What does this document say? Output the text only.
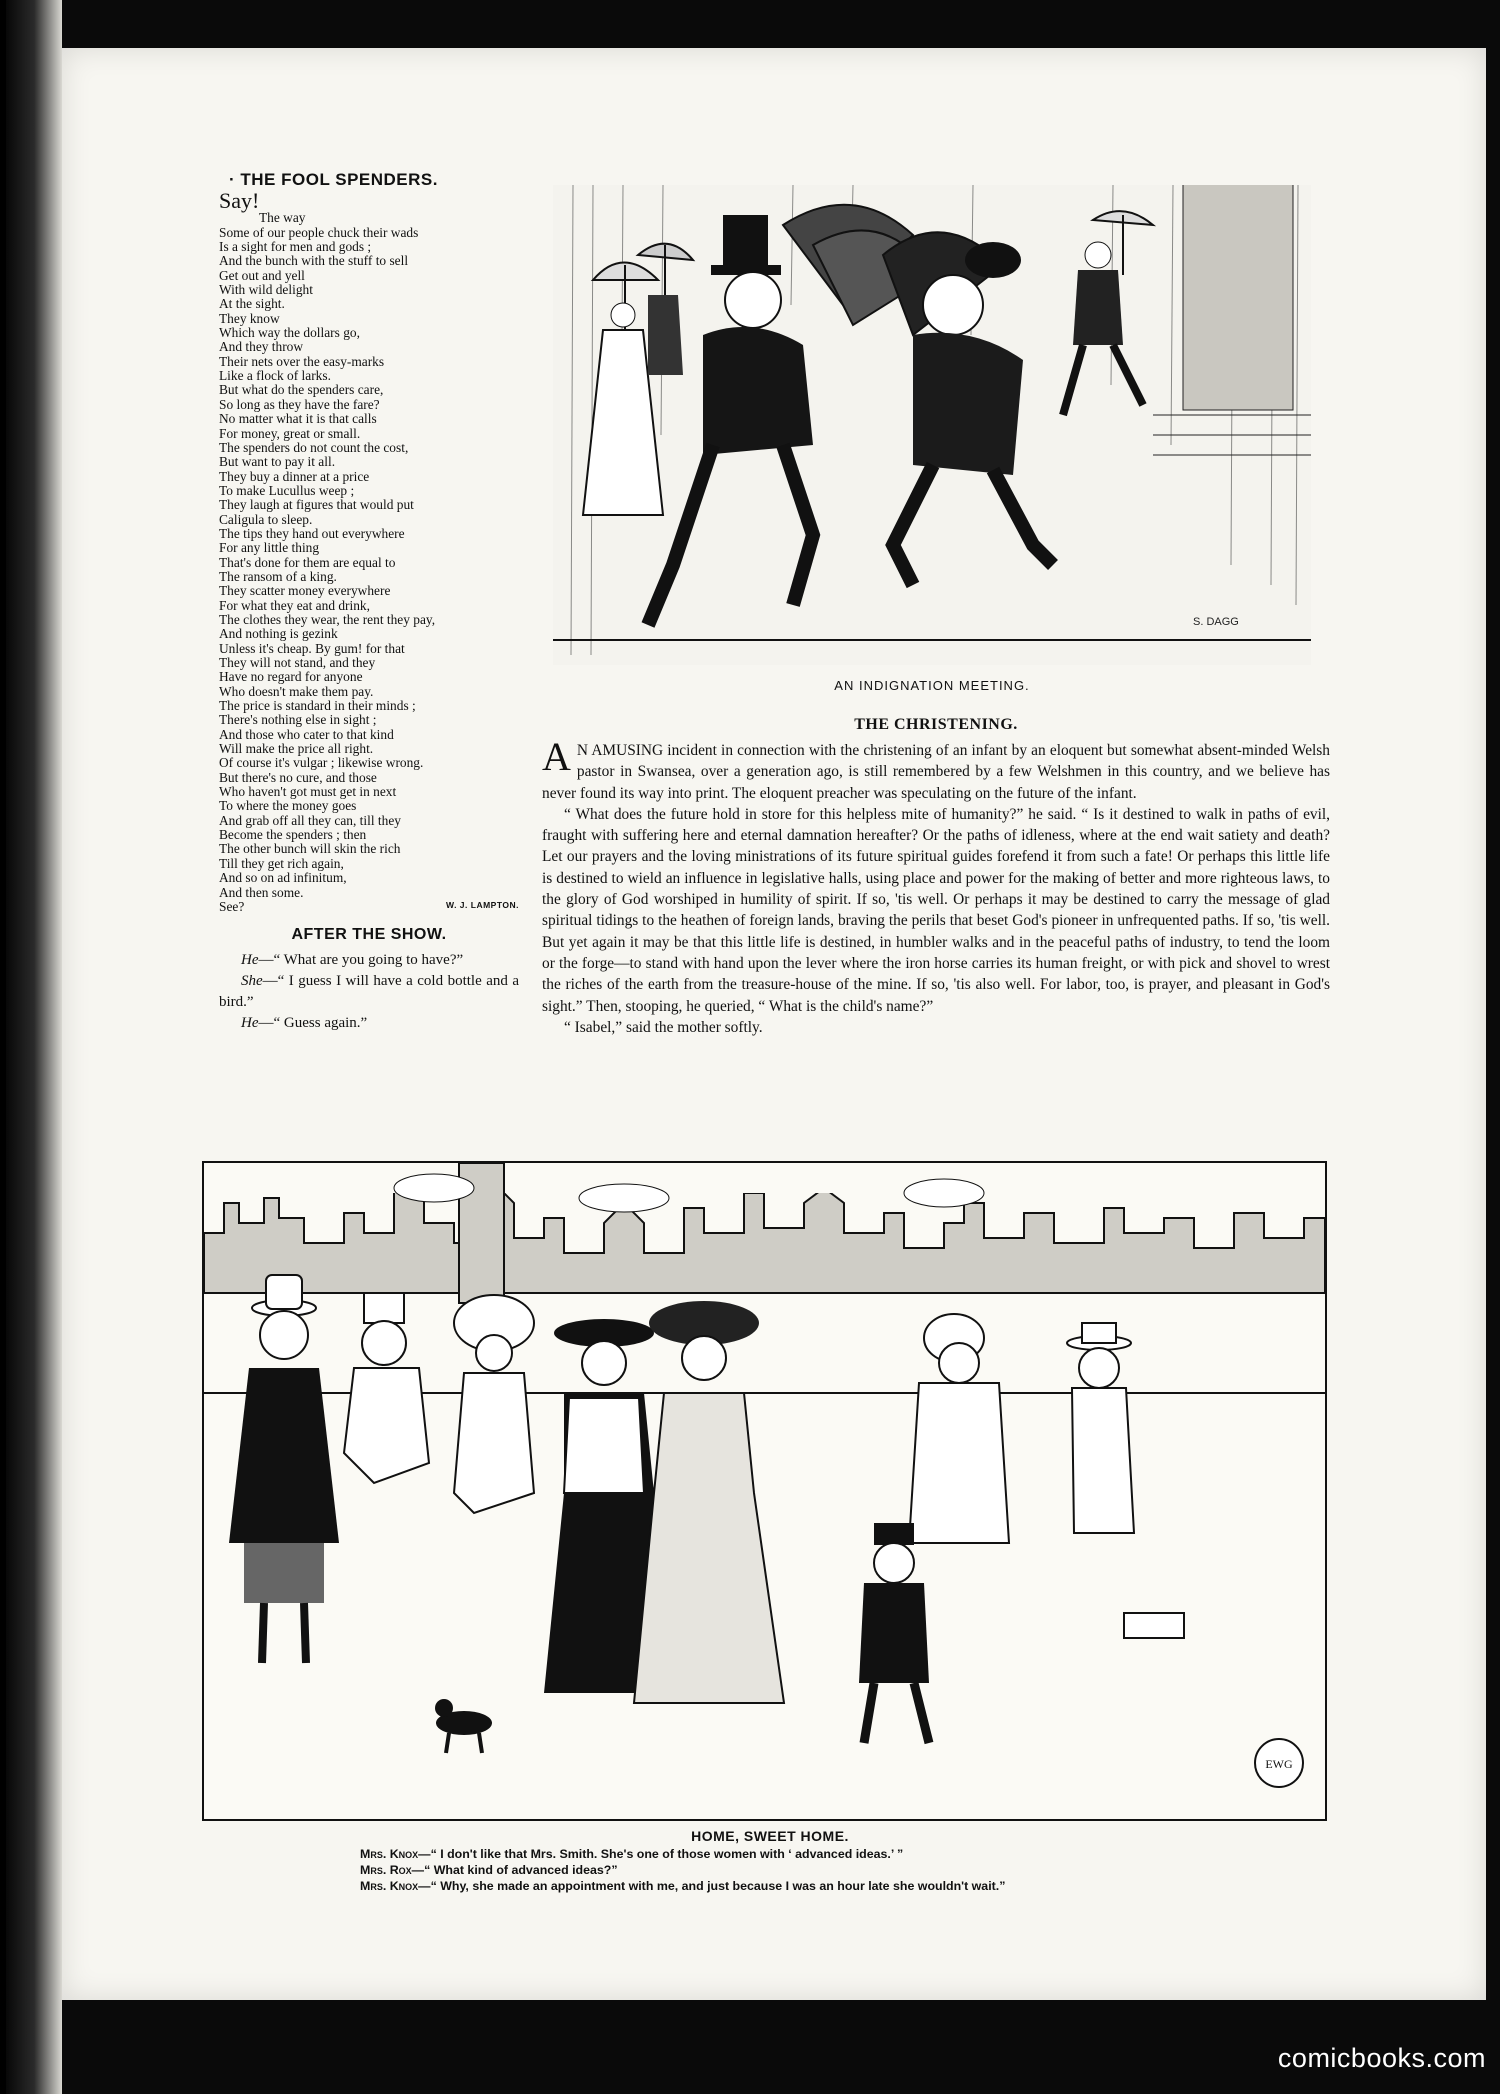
· THE FOOL SPENDERS.
Say!
The way
Some of our people chuck their wads
Is a sight for men and gods ;
And the bunch with the stuff to sell
Get out and yell
With wild delight
At the sight.
They know
Which way the dollars go,
And they throw
Their nets over the easy-marks
Like a flock of larks.
But what do the spenders care,
So long as they have the fare?
No matter what it is that calls
For money, great or small.
The spenders do not count the cost,
But want to pay it all.
They buy a dinner at a price
To make Lucullus weep ;
They laugh at figures that would put
Caligula to sleep.
The tips they hand out everywhere
For any little thing
That's done for them are equal to
The ransom of a king.
They scatter money everywhere
For what they eat and drink,
The clothes they wear, the rent they pay,
And nothing is gezink
Unless it's cheap. By gum! for that
They will not stand, and they
Have no regard for anyone
Who doesn't make them pay.
The price is standard in their minds ;
There's nothing else in sight ;
And those who cater to that kind
Will make the price all right.
Of course it's vulgar ; likewise wrong.
But there's no cure, and those
Who haven't got must get in next
To where the money goes
And grab off all they can, till they
Become the spenders ; then
The other bunch will skin the rich
Till they get rich again,
And so on ad infinitum,
And then some.
See?	W. J. LAMPTON.
AFTER THE SHOW.

He—“ What are you going to have?”

She—“ I guess I will have a cold bottle and a bird.”

He—“ Guess again.”

S. DAGG
AN INDIGNATION MEETING.
THE CHRISTENING.

A N AMUSING incident in connection with the christening of an infant by an eloquent but somewhat absent-minded Welsh pastor in Swansea, over a generation ago, is still remembered by a few Welshmen in this country, and we believe has never found its way into print. The eloquent preacher was speculating on the future of the infant.

“ What does the future hold in store for this helpless mite of humanity?” he said. “ Is it destined to walk in paths of evil, fraught with suffering here and eternal damnation hereafter? Or the paths of idleness, where at the end wait satiety and death? Let our prayers and the loving ministrations of its future spiritual guides forefend it from such a fate! Or perhaps this little life is destined to wield an influence in legislative halls, using place and power for the making of better and more righteous laws, to the glory of God worshiped in humility of spirit. If so, 'tis well. Or perhaps it may be destined to carry the message of glad spiritual tidings to the heathen of foreign lands, braving the perils that beset God's pioneer in unfrequented paths. If so, 'tis well. But yet again it may be that this little life is destined, in humbler walks and in the peaceful paths of industry, to tend the loom or the forge—to stand with hand upon the lever where the iron horse carries its human freight, or with pick and shovel to wrest the riches of the earth from the treasure-house of the mine. If so, 'tis also well. For labor, too, is prayer, and pleasant in God's sight.” Then, stooping, he queried, “ What is the child's name?”

“ Isabel,” said the mother softly.

EWG
HOME, SWEET HOME.
Mrs. Knox—“ I don't like that Mrs. Smith. She's one of those women with ‘ advanced ideas.’ ”
Mrs. Rox—“ What kind of advanced ideas?”
Mrs. Knox—“ Why, she made an appointment with me, and just because I was an hour late she wouldn't wait.”
comicbooks.com
